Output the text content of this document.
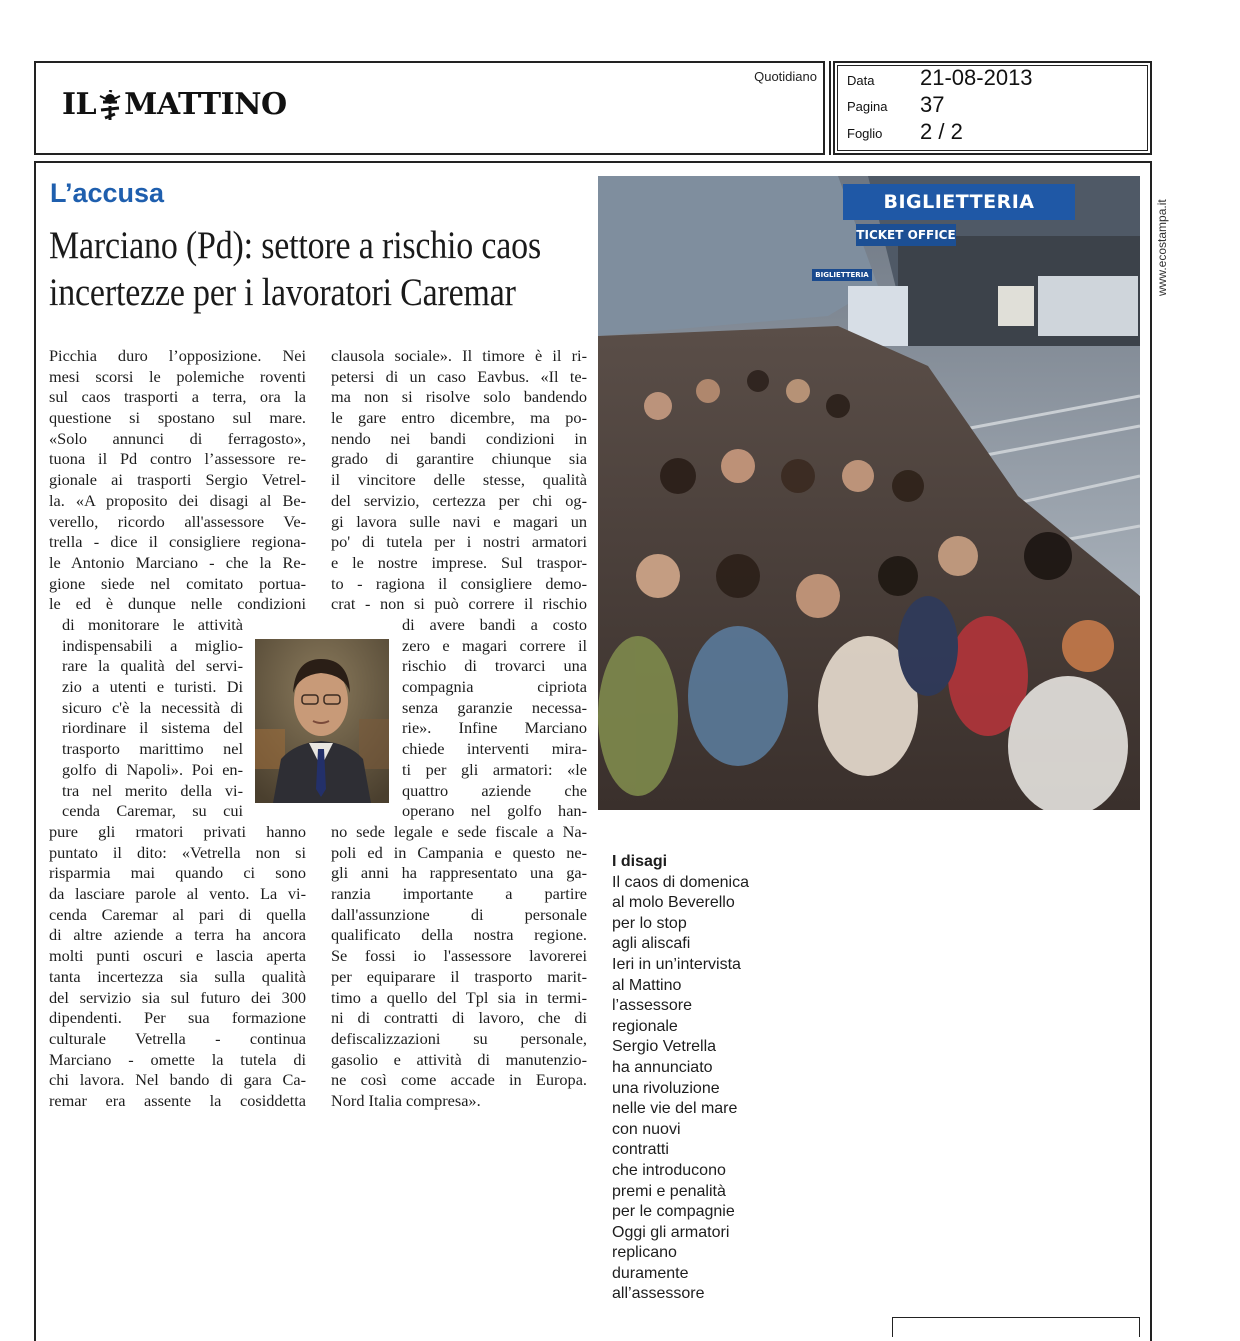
IL MATTINO
Quotidiano Data	21-08-2013
Pagina	37
Foglio	2 / 2
L’accusa
Marciano (Pd): settore a rischio caos
incertezze per i lavoratori Caremar
Picchia duro l’opposizione. Nei
mesi scorsi le polemiche roventi
sul caos trasporti a terra, ora la
questione si spostano sul mare.
«Solo annunci di ferragosto»,
tuona il Pd contro l’assessore re-
gionale ai trasporti Sergio Vetrel-
la. «A proposito dei disagi al Be-
verello, ricordo all'assessore Ve-
trella - dice il consigliere regiona-
le Antonio Marciano - che la Re-
gione siede nel comitato portua-
le ed è dunque nelle condizioni
di monitorare le attività
indispensabili a miglio-
rare la qualità del servi-
zio a utenti e turisti. Di
sicuro c'è la necessità di
riordinare il sistema del
trasporto marittimo nel
golfo di Napoli». Poi en-
tra nel merito della vi-
cenda Caremar, su cui
pure gli rmatori privati hanno
puntato il dito: «Vetrella non si
risparmia mai quando ci sono
da lasciare parole al vento. La vi-
cenda Caremar al pari di quella
di altre aziende a terra ha ancora
molti punti oscuri e lascia aperta
tanta incertezza sia sulla qualità
del servizio sia sul futuro dei 300
dipendenti. Per sua formazione
culturale Vetrella - continua
Marciano - omette la tutela di
chi lavora. Nel bando di gara Ca-
remar era assente la cosiddetta
clausola sociale». Il timore è il ri-
petersi di un caso Eavbus. «Il te-
ma non si risolve solo bandendo
le gare entro dicembre, ma po-
nendo nei bandi condizioni in
grado di garantire chiunque sia
il vincitore delle stesse, qualità
del servizio, certezza per chi og-
gi lavora sulle navi e magari un
po' di tutela per i nostri armatori
e le nostre imprese. Sul traspor-
to - ragiona il consigliere demo-
crat - non si può correre il rischio
di avere bandi a costo
zero e magari correre il
rischio di trovarci una
compagnia cipriota
senza garanzie necessa-
rie». Infine Marciano
chiede interventi mira-
ti per gli armatori: «le
quattro aziende che
operano nel golfo han-
no sede legale e sede fiscale a Na-
poli ed in Campania e questo ne-
gli anni ha rappresentato una ga-
ranzia importante a partire
dall'assunzione di personale
qualificato della nostra regione.
Se fossi io l'assessore lavorerei
per equiparare il trasporto marit-
timo a quello del Tpl sia in termi-
ni di contratti di lavoro, che di
defiscalizzazioni su personale,
gasolio e attività di manutenzio-
ne così come accade in Europa.
Nord Italia compresa».
BIGLIETTERIA
TICKET OFFICE
BIGLIETTERIA
I disagi
Il caos di domenica
al molo Beverello
per lo stop
agli aliscafi
Ieri in un’intervista
al Mattino
l’assessore
regionale
Sergio Vetrella
ha annunciato
una rivoluzione
nelle vie del mare
con nuovi
contratti
che introducono
premi e penalità
per le compagnie
Oggi gli armatori
replicano
duramente
all’assessore
www.ecostampa.it
